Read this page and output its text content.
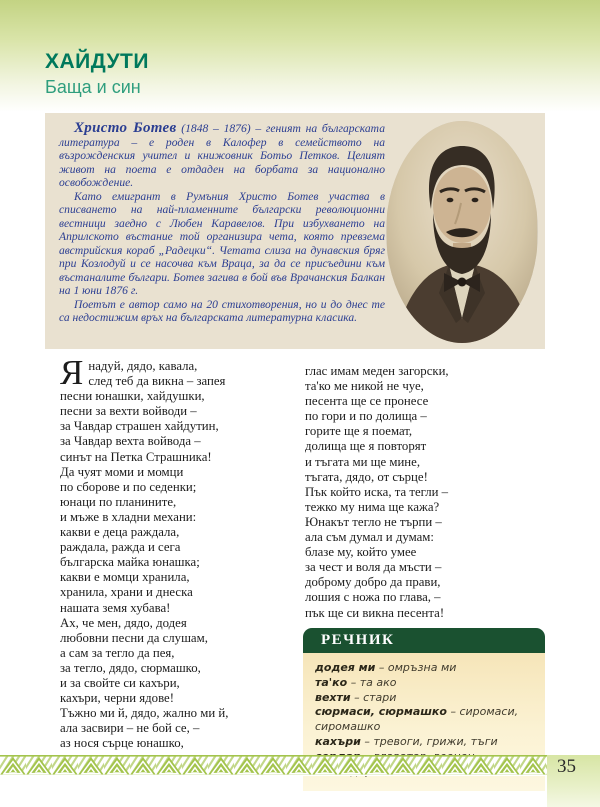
ХАЙДУТИ
Баща и син

Христо Ботев (1848 – 1876) – геният на българската литература – е роден в Калофер в семейството на възрожденския учител и книжовник Ботьо Петков. Целият живот на поета е отдаден на борбата за национално освобождение.

Като емигрант в Румъния Христо Ботев участва в списването на най-пламенните български революционни вестници заедно с Любен Каравелов. При избухването на Априлското въстание той организира чета, която превзема австрийския кораб „Радецки“. Четата слиза на дунавския бряг при Козлодуй и се насочва към Враца, за да се присъедини към въстаналите българи. Ботев загива в бой във Врачанския Балкан на 1 юни 1876 г.

Поетът е автор само на 20 стихотворения, но и до днес те са недостижим връх на българската литературна класика.

Я надуй, дядо, кавала,
след теб да викна – запея
песни юнашки, хайдушки,
песни за вехти войводи –
за Чавдар страшен хайдутин,
за Чавдар вехта войвода –
синът на Петка Страшника!
Да чуят моми и момци
по сборове и по седенки;
юнаци по планините,
и мъже в хладни механи:
какви е деца раждала,
раждала, ражда и сега
българска майка юнашка;
какви е момци хранила,
хранила, храни и днеска
нашата земя хубава!
Ах, че мен, дядо, додея
любовни песни да слушам,
а сам за тегло да пея,
за тегло, дядо, сюрмашко,
и за свойте си кахъри,
кахъри, черни ядове!
Тъжно ми й, дядо, жално ми й,
ала засвири – не бой се, –
аз нося сърце юнашко,
глас имам меден загорски,
та'ко ме никой не чуе,
песента ще се пронесе
по гори и по долища –
горите ще я поемат,
долища ще я повторят
и тъгата ми ще мине,
тъгата, дядо, от сърце!
Пък който иска, та тегли –
тежко му нима ще кажа?
Юнакът тегло не търпи –
ала съм думал и думам:
блазе му, който умее
за чест и воля да мъсти –
доброму добро да прави,
лошия с ножа по глава, –
пък ще си викна песента!
РЕЧНИК
додея ми – омръзна ми
та'ко – та ако
вехти – стари
сюрмаси, сюрмашко – сиромаси, сиромашко
кахъри – тревоги, грижи, тъги
35
